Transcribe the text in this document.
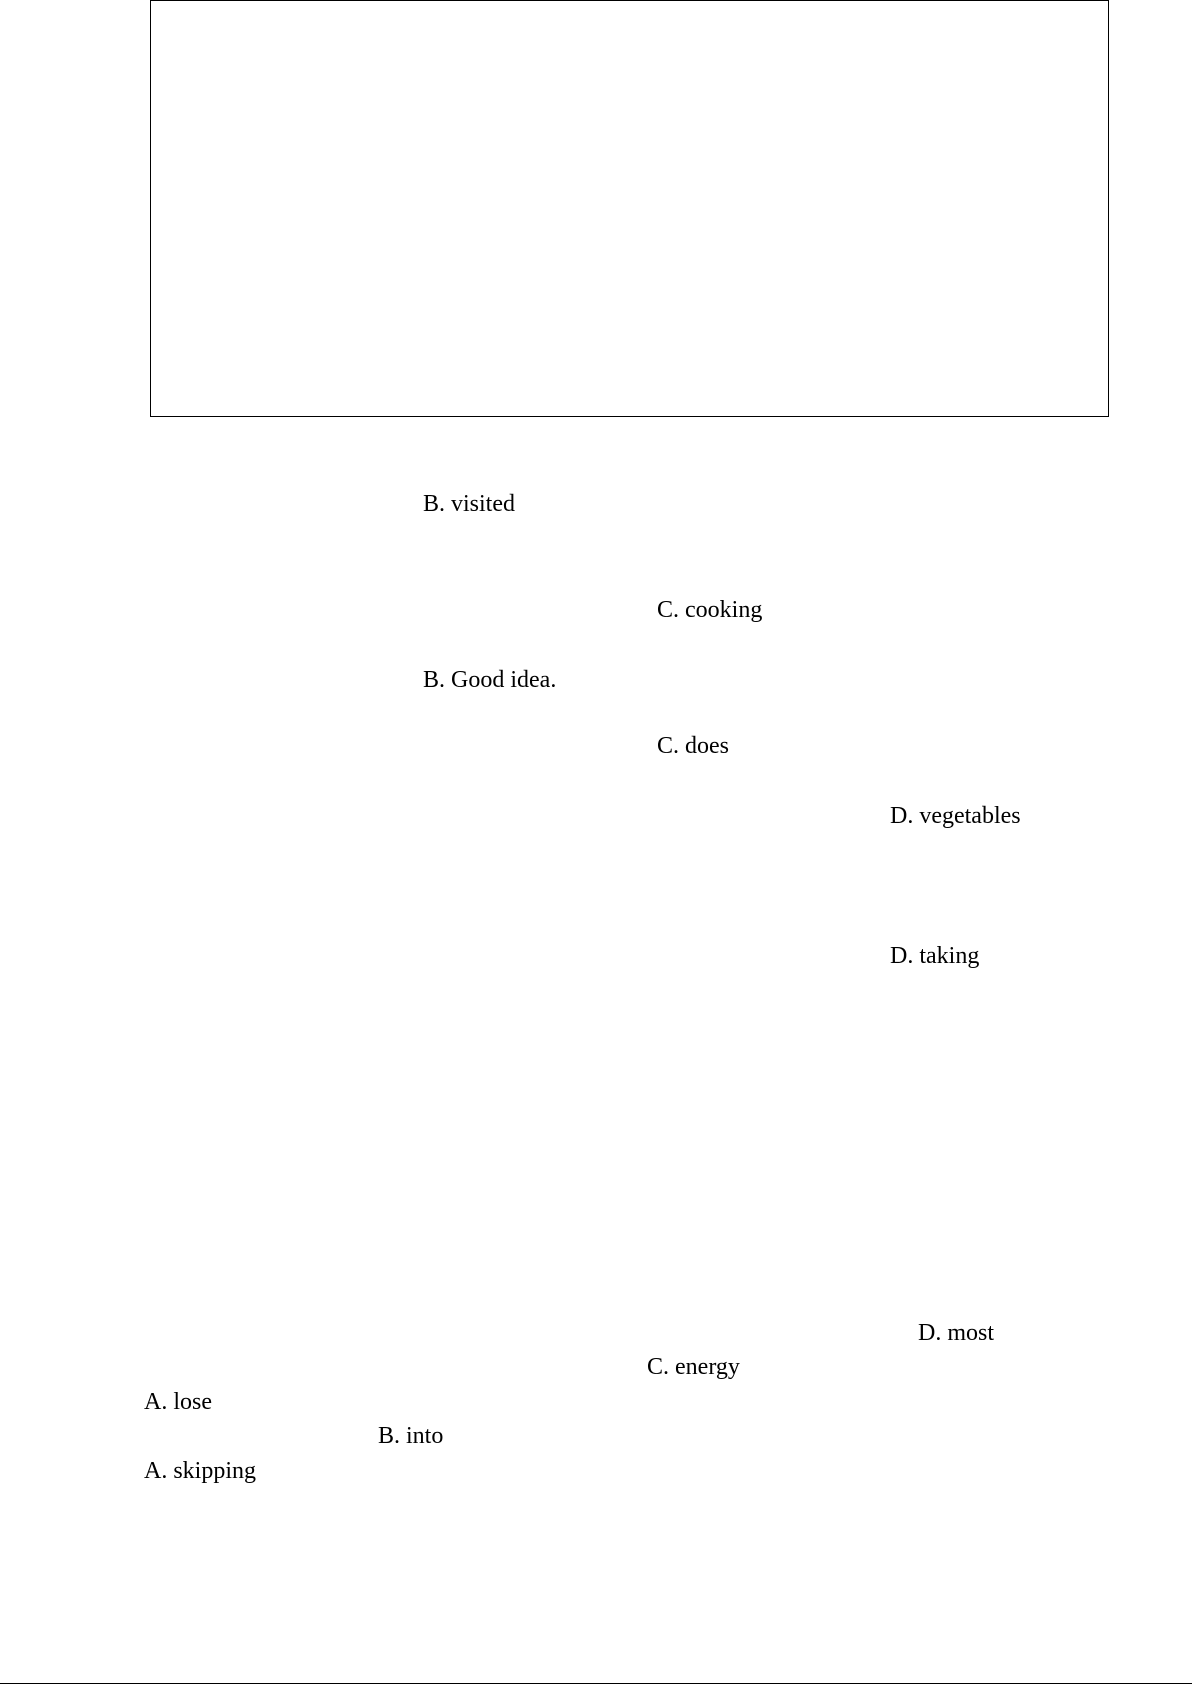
B. visited
C. cooking
B. Good idea.
C. does
D. vegetables
D. taking
D. most
C. energy
A. lose
B. into
A. skipping
